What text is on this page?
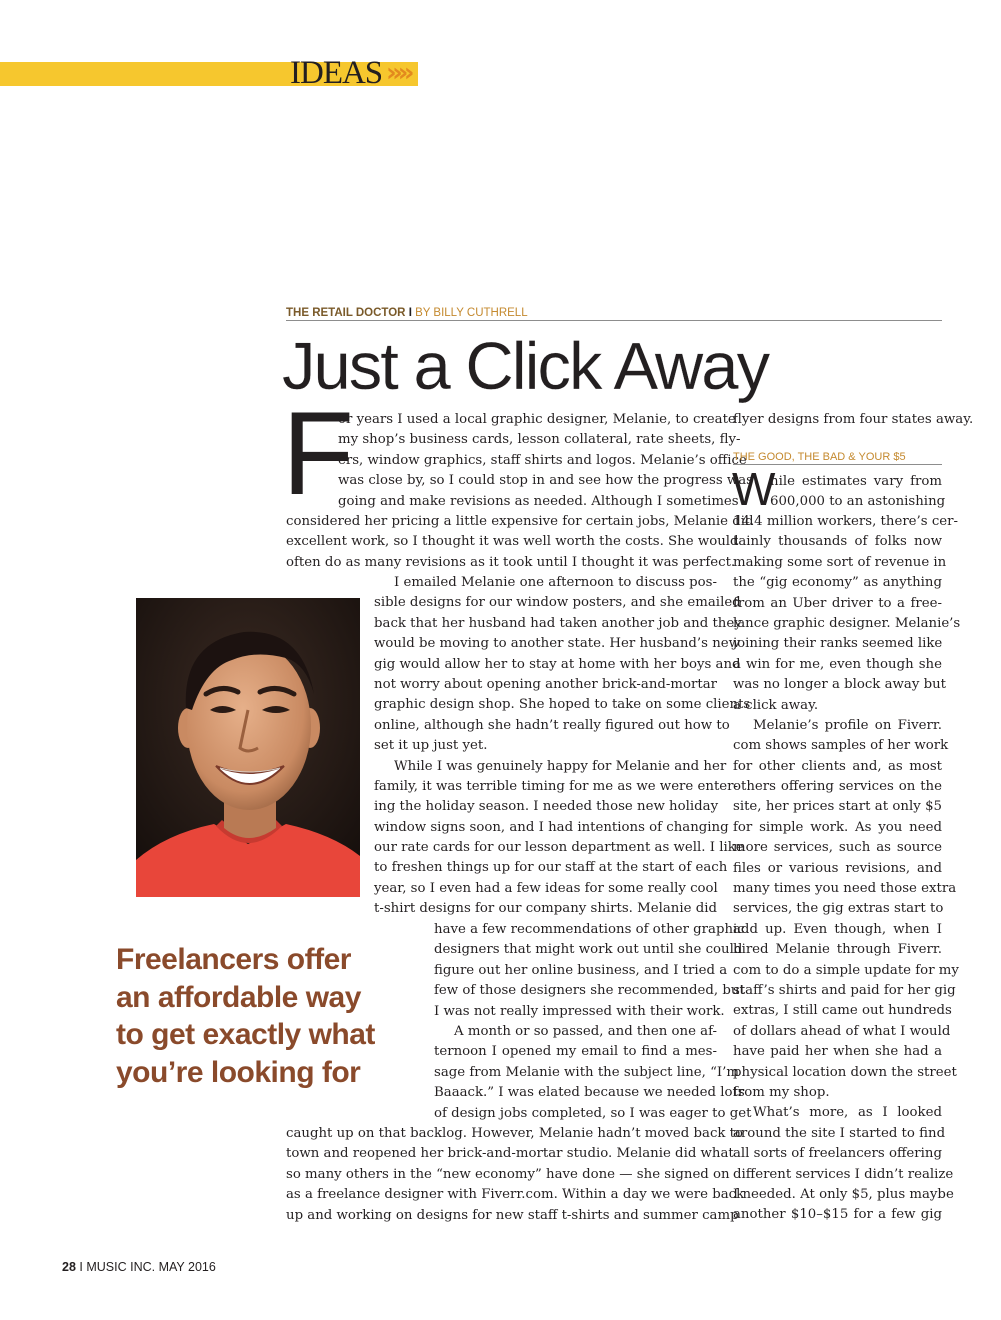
IDEAS »»
THE RETAIL DOCTOR I BY BILLY CUTHRELL
Just a Click Away
F
or years I used a local graphic designer, Melanie, to create
my shop’s business cards, lesson collateral, rate sheets, fly-
ers, window graphics, staff shirts and logos. Melanie’s office
was close by, so I could stop in and see how the progress was
going and make revisions as needed. Although I sometimes
considered her pricing a little expensive for certain jobs, Melanie did
excellent work, so I thought it was well worth the costs. She would
often do as many revisions as it took until I thought it was perfect.
I emailed Melanie one afternoon to discuss pos-
sible designs for our window posters, and she emailed
back that her husband had taken another job and they
would be moving to another state. Her husband’s new
gig would allow her to stay at home with her boys and
not worry about opening another brick-and-mortar
graphic design shop. She hoped to take on some clients
online, although she hadn’t really figured out how to
set it up just yet.
While I was genuinely happy for Melanie and her
family, it was terrible timing for me as we were enter-
ing the holiday season. I needed those new holiday
window signs soon, and I had intentions of changing
our rate cards for our lesson department as well. I like
to freshen things up for our staff at the start of each
year, so I even had a few ideas for some really cool
t-shirt designs for our company shirts. Melanie did
have a few recommendations of other graphic
designers that might work out until she could
figure out her online business, and I tried a
few of those designers she recommended, but
I was not really impressed with their work.
A month or so passed, and then one af-
ternoon I opened my email to find a mes-
sage from Melanie with the subject line, “I’m
Baaack.” I was elated because we needed lots
of design jobs completed, so I was eager to get
caught up on that backlog. However, Melanie hadn’t moved back to
town and reopened her brick-and-mortar studio. Melanie did what
so many others in the “new economy” have done — she signed on
as a freelance designer with Fiverr.com. Within a day we were back
up and working on designs for new staff t-shirts and summer camp
flyer designs from four states away.
THE GOOD, THE BAD & YOUR $5
W
hile estimates vary from
600,000 to an astonishing
14.4 million workers, there’s cer-
tainly thousands of folks now
making some sort of revenue in
the “gig economy” as anything
from an Uber driver to a free-
lance graphic designer. Melanie’s
joining their ranks seemed like
a win for me, even though she
was no longer a block away but
a click away.
Melanie’s profile on Fiverr.
com shows samples of her work
for other clients and, as most
others offering services on the
site, her prices start at only $5
for simple work. As you need
more services, such as source
files or various revisions, and
many times you need those extra
services, the gig extras start to
add up. Even though, when I
hired Melanie through Fiverr.
com to do a simple update for my
staff’s shirts and paid for her gig
extras, I still came out hundreds
of dollars ahead of what I would
have paid her when she had a
physical location down the street
from my shop.
What’s more, as I looked
around the site I started to find
all sorts of freelancers offering
different services I didn’t realize
I needed. At only $5, plus maybe
another $10–$15 for a few gig
Freelancers offer
an affordable way
to get exactly what
you’re looking for
28 I MUSIC INC. MAY 2016
